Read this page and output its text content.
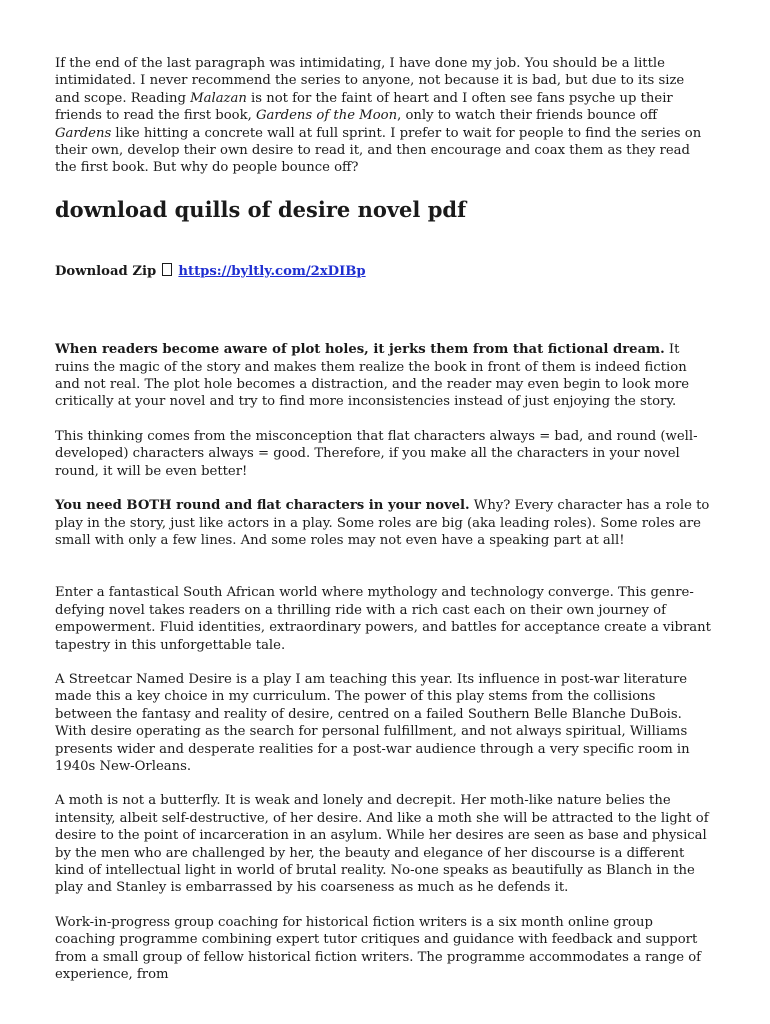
If the end of the last paragraph was intimidating, I have done my job. You should be a little intimidated. I never recommend the series to anyone, not because it is bad, but due to its size and scope. Reading Malazan is not for the faint of heart and I often see fans psyche up their friends to read the first book, Gardens of the Moon, only to watch their friends bounce off Gardens like hitting a concrete wall at full sprint. I prefer to wait for people to find the series on their own, develop their own desire to read it, and then encourage and coax them as they read the first book. But why do people bounce off?

download quills of desire novel pdf
Download Zip https://byltly.com/2xDIBp

When readers become aware of plot holes, it jerks them from that fictional dream. It ruins the magic of the story and makes them realize the book in front of them is indeed fiction and not real. The plot hole becomes a distraction, and the reader may even begin to look more critically at your novel and try to find more inconsistencies instead of just enjoying the story.

This thinking comes from the misconception that flat characters always = bad, and round (well-developed) characters always = good. Therefore, if you make all the characters in your novel round, it will be even better!

You need BOTH round and flat characters in your novel. Why? Every character has a role to play in the story, just like actors in a play. Some roles are big (aka leading roles). Some roles are small with only a few lines. And some roles may not even have a speaking part at all!

Enter a fantastical South African world where mythology and technology converge. This genre-defying novel takes readers on a thrilling ride with a rich cast each on their own journey of empowerment. Fluid identities, extraordinary powers, and battles for acceptance create a vibrant tapestry in this unforgettable tale.

A Streetcar Named Desire is a play I am teaching this year. Its influence in post-war literature made this a key choice in my curriculum. The power of this play stems from the collisions between the fantasy and reality of desire, centred on a failed Southern Belle Blanche DuBois. With desire operating as the search for personal fulfillment, and not always spiritual, Williams presents wider and desperate realities for a post-war audience through a very specific room in 1940s New-Orleans.

A moth is not a butterfly. It is weak and lonely and decrepit. Her moth-like nature belies the intensity, albeit self-destructive, of her desire. And like a moth she will be attracted to the light of desire to the point of incarceration in an asylum. While her desires are seen as base and physical by the men who are challenged by her, the beauty and elegance of her discourse is a different kind of intellectual light in world of brutal reality. No-one speaks as beautifully as Blanch in the play and Stanley is embarrassed by his coarseness as much as he defends it.

Work-in-progress group coaching for historical fiction writers is a six month online group coaching programme combining expert tutor critiques and guidance with feedback and support from a small group of fellow historical fiction writers. The programme accommodates a range of experience, from
